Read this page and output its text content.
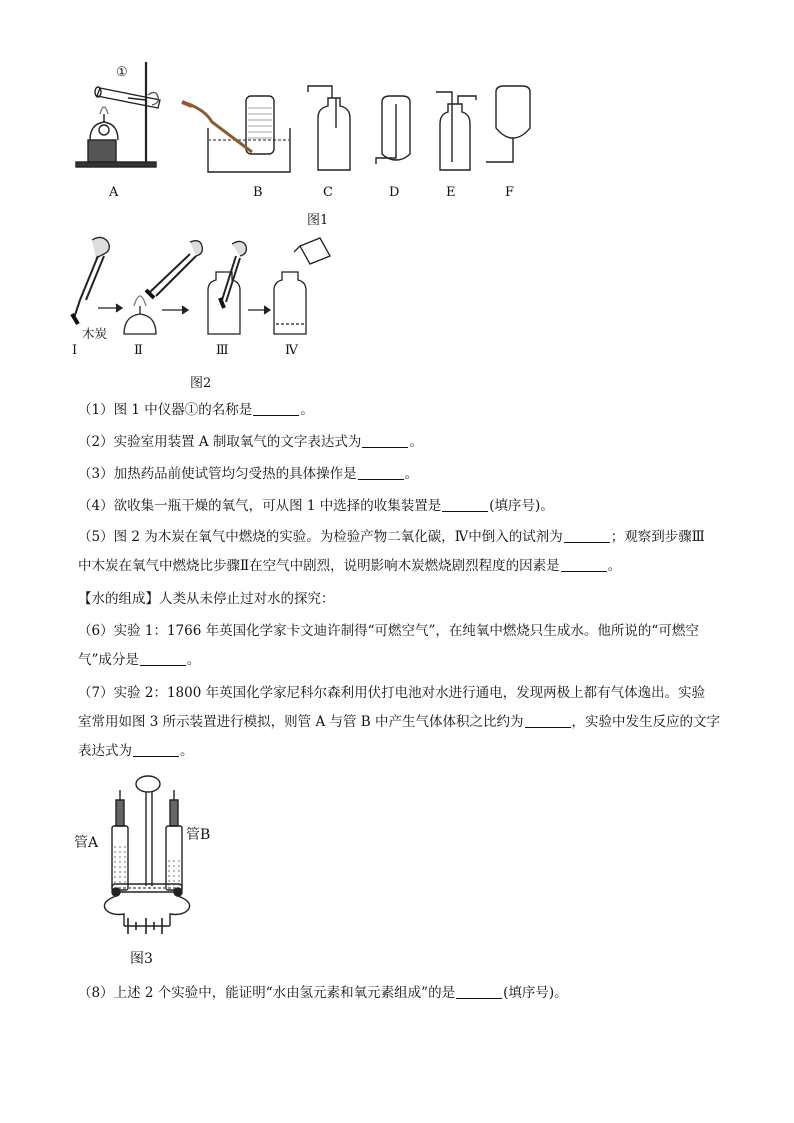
①
A	B	C	D	E	F
图1
木炭
Ⅰ	Ⅱ	Ⅲ	Ⅳ
图2
（1）图 1 中仪器①的名称是	。
（2）实验室用装置 A 制取氧气的文字表达式为	。
（3）加热药品前使试管均匀受热的具体操作是	。
（4）欲收集一瓶干燥的氧气，可从图 1 中选择的收集装置是	(填序号)。
（5）图 2 为木炭在氧气中燃烧的实验。为检验产物二氧化碳，Ⅳ中倒入的试剂为	；观察到步骤Ⅲ
中木炭在氧气中燃烧比步骤Ⅱ在空气中剧烈，说明影响木炭燃烧剧烈程度的因素是	。
【水的组成】人类从未停止过对水的探究：
（6）实验 1：1766 年英国化学家卡文迪许制得“可燃空气”，在纯氧中燃烧只生成水。他所说的“可燃空
气”成分是	。
（7）实验 2：1800 年英国化学家尼科尔森利用伏打电池对水进行通电，发现两极上都有气体逸出。实验
室常用如图 3 所示装置进行模拟，则管 A 与管 B 中产生气体体积之比约为	，实验中发生反应的文字
表达式为	。
管A	管B
图3
（8）上述 2 个实验中，能证明“水由氢元素和氧元素组成”的是	(填序号)。
